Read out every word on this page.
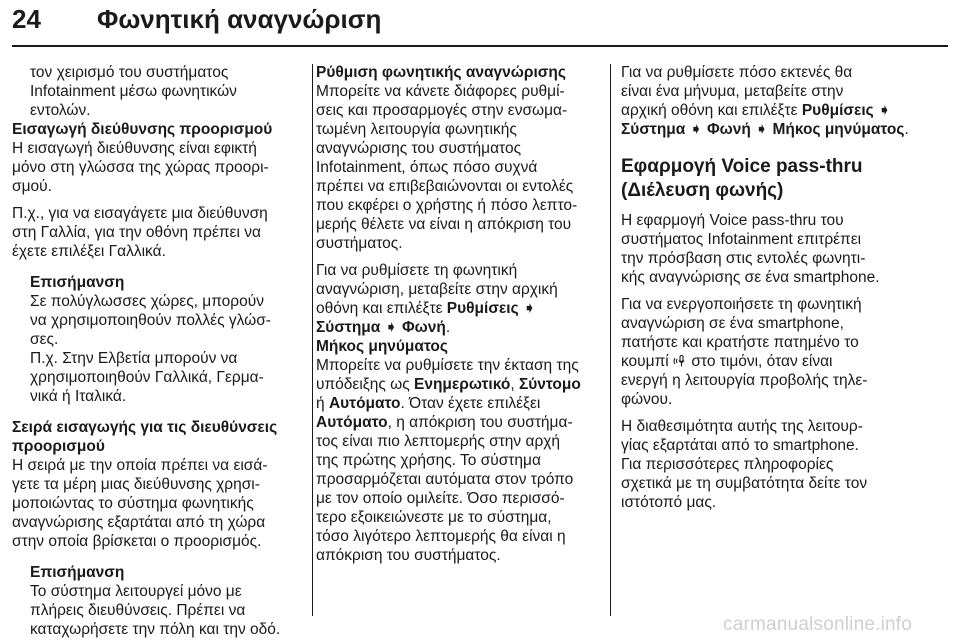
24 Φωνητική αναγνώριση

τον χειρισμό του συστήματος

Infotainment μέσω φωνητικών

εντολών.

Εισαγωγή διεύθυνσης προορισμού

Η εισαγωγή διεύθυνσης είναι εφικτή

μόνο στη γλώσσα της χώρας προορι-

σμού.

Π.χ., για να εισαγάγετε μια διεύθυνση

στη Γαλλία, για την οθόνη πρέπει να

έχετε επιλέξει Γαλλικά.

Επισήμανση

Σε πολύγλωσσες χώρες, μπορούν

να χρησιμοποιηθούν πολλές γλώσ-

σες.

Π.χ. Στην Ελβετία μπορούν να

χρησιμοποιηθούν Γαλλικά, Γερμα-

νικά ή Ιταλικά.

Σειρά εισαγωγής για τις διευθύνσεις

προορισμού

Η σειρά με την οποία πρέπει να εισά-

γετε τα μέρη μιας διεύθυνσης χρησι-

μοποιώντας το σύστημα φωνητικής

αναγνώρισης εξαρτάται από τη χώρα

στην οποία βρίσκεται ο προορισμός.

Επισήμανση

Το σύστημα λειτουργεί μόνο με

πλήρεις διευθύνσεις. Πρέπει να

καταχωρήσετε την πόλη και την οδό.

Ρύθμιση φωνητικής αναγνώρισης

Μπορείτε να κάνετε διάφορες ρυθμί-

σεις και προσαρμογές στην ενσωμα-

τωμένη λειτουργία φωνητικής

αναγνώρισης του συστήματος

Infotainment, όπως πόσο συχνά

πρέπει να επιβεβαιώνονται οι εντολές

που εκφέρει ο χρήστης ή πόσο λεπτο-

μερής θέλετε να είναι η απόκριση του

συστήματος.

Για να ρυθμίσετε τη φωνητική

αναγνώριση, μεταβείτε στην αρχική

οθόνη και επιλέξτε Ρυθμίσεις ➧

Σύστημα ➧ Φωνή.

Μήκος μηνύματος

Μπορείτε να ρυθμίσετε την έκταση της

υπόδειξης ως Ενημερωτικό, Σύντομο

ή Αυτόματο. Όταν έχετε επιλέξει

Αυτόματο, η απόκριση του συστήμα-

τος είναι πιο λεπτομερής στην αρχή

της πρώτης χρήσης. Το σύστημα

προσαρμόζεται αυτόματα στον τρόπο

με τον οποίο ομιλείτε. Όσο περισσό-

τερο εξοικειώνεστε με το σύστημα,

τόσο λιγότερο λεπτομερής θα είναι η

απόκριση του συστήματος.

Για να ρυθμίσετε πόσο εκτενές θα

είναι ένα μήνυμα, μεταβείτε στην

αρχική οθόνη και επιλέξτε Ρυθμίσεις ➧

Σύστημα ➧ Φωνή ➧ Μήκος μηνύματος.

Εφαρμογή Voice pass-thru

(Διέλευση φωνής)

Η εφαρμογή Voice pass-thru του

συστήματος Infotainment επιτρέπει

την πρόσβαση στις εντολές φωνητι-

κής αναγνώρισης σε ένα smartphone.

Για να ενεργοποιήσετε τη φωνητική

αναγνώριση σε ένα smartphone,

πατήστε και κρατήστε πατημένο το

κουμπί  στο τιμόνι, όταν είναι

ενεργή η λειτουργία προβολής τηλε-

φώνου.

Η διαθεσιμότητα αυτής της λειτουρ-

γίας εξαρτάται από το smartphone.

Για περισσότερες πληροφορίες

σχετικά με τη συμβατότητα δείτε τον

ιστότοπό μας.

carmanualsonline.info
